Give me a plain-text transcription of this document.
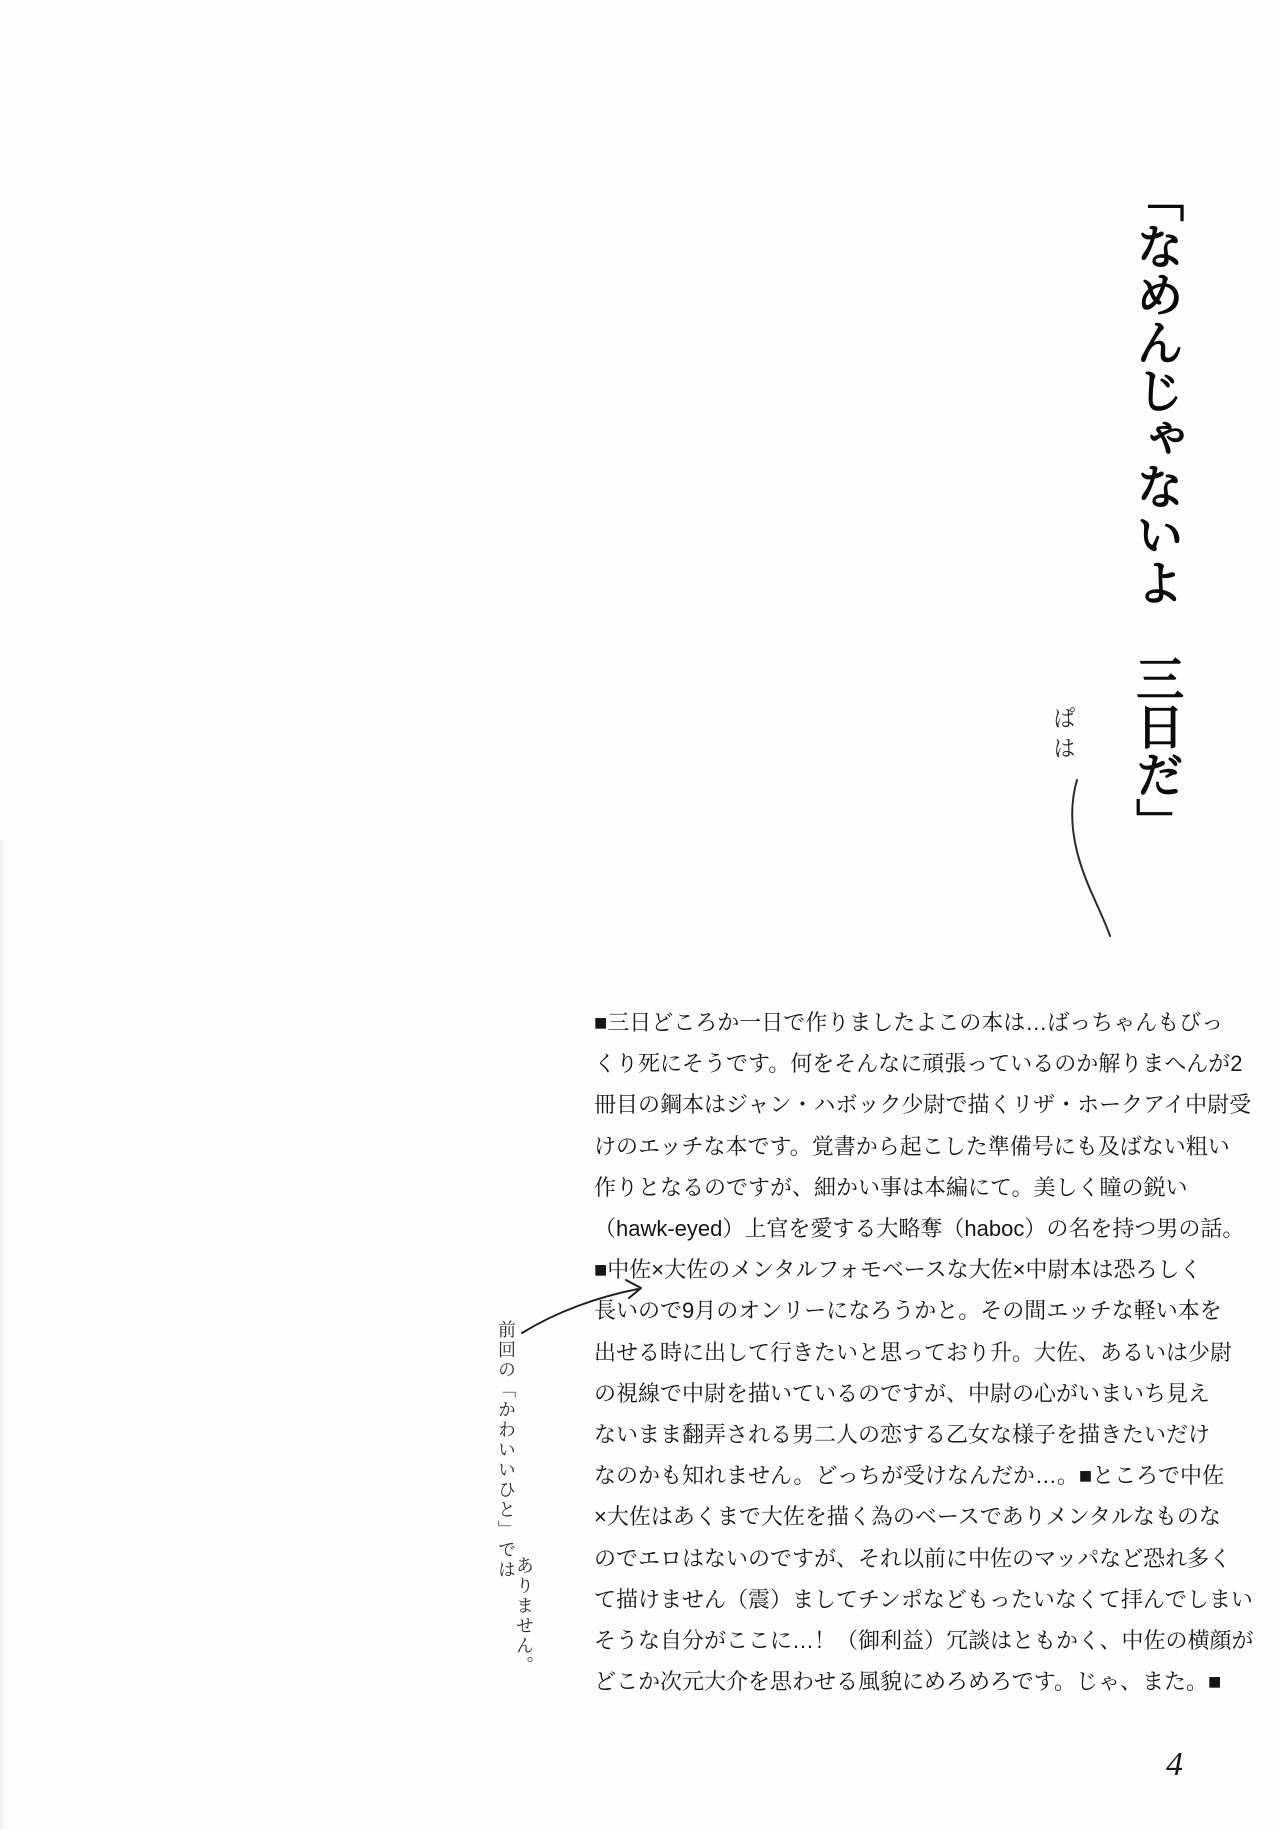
「なめんじゃないよ　三日だ」
ぱは
前回の「かわいいひと」では
ありません。
■三日どころか一日で作りましたよこの本は…ばっちゃんもびっ
くり死にそうです。何をそんなに頑張っているのか解りまへんが2
冊目の鋼本はジャン・ハボック少尉で描くリザ・ホークアイ中尉受
けのエッチな本です。覚書から起こした準備号にも及ばない粗い
作りとなるのですが、細かい事は本編にて。美しく瞳の鋭い
（hawk-eyed）上官を愛する大略奪（haboc）の名を持つ男の話。
■中佐×大佐のメンタルフォモベースな大佐×中尉本は恐ろしく
長いので9月のオンリーになろうかと。その間エッチな軽い本を
出せる時に出して行きたいと思っており升。大佐、あるいは少尉
の視線で中尉を描いているのですが、中尉の心がいまいち見え
ないまま翻弄される男二人の恋する乙女な様子を描きたいだけ
なのかも知れません。どっちが受けなんだか…。■ところで中佐
×大佐はあくまで大佐を描く為のベースでありメンタルなものな
のでエロはないのですが、それ以前に中佐のマッパなど恐れ多く
て描けません（震）ましてチンポなどもったいなくて拝んでしまい
そうな自分がここに…！（御利益）冗談はともかく、中佐の横顔が
どこか次元大介を思わせる風貌にめろめろです。じゃ、また。■
4
